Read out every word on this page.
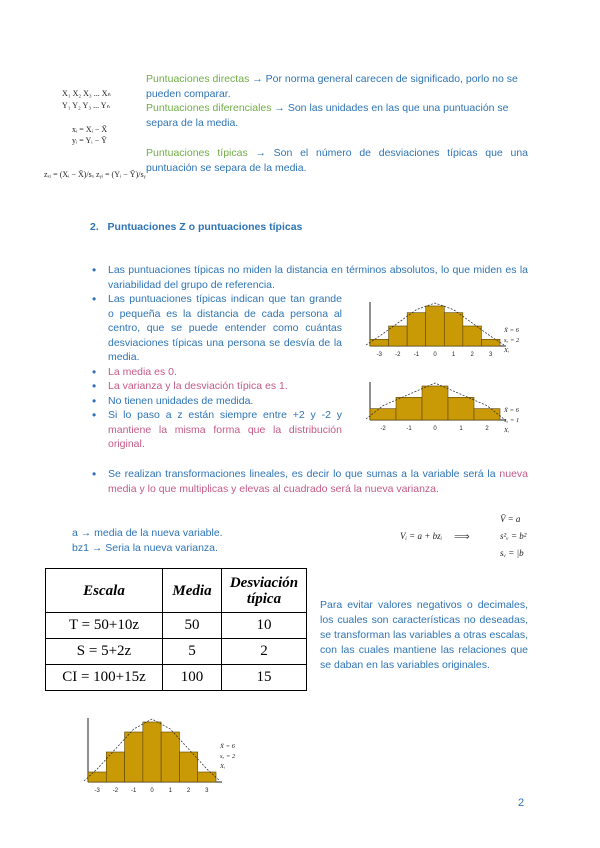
X₁ X₂ X₃ ... Xₙ
Y₁ Y₂ Y₃ ... Yₙ
xᵢ = Xᵢ − X̄
yᵢ = Yᵢ − Ȳ
zₓᵢ = (Xᵢ − X̄)/sₓ zᵧᵢ = (Yᵢ − Ȳ)/sᵧ
Puntuaciones directas → Por norma general carecen de significado, porlo no se pueden comparar.
Puntuaciones diferenciales → Son las unidades en las que una puntuación se separa de la media.
Puntuaciones típicas → Son el número de desviaciones típicas que una puntuación se separa de la media.
2. Puntuaciones Z o puntuaciones típicas
• Las puntuaciones típicas no miden la distancia en términos absolutos, lo que miden es la variabilidad del grupo de referencia.
• Las puntuaciones típicas indican que tan grande o pequeña es la distancia de cada persona al centro, que se puede entender como cuántas desviaciones típicas una persona se desvía de la media.
• La media es 0.
• La varianza y la desviación típica es 1.
• No tienen unidades de medida.
• Si lo paso a z están siempre entre +2 y -2 y mantiene la misma forma que la distribución original.
• Se realizan transformaciones lineales, es decir lo que sumas a la variable será la nueva media y lo que multiplicas y elevas al cuadrado será la nueva varianza.
-3 -2 -1 0	1	2	3
X̄ = 6
sₓ = 2
Xᵢ
-2	-1	0	1	2
X̄ = 6
sₓ = 1
Xᵢ
-3 -2 -1 0 1 2 3
X̄ = 6
sₓ = 2
Xᵢ
a → media de la nueva variable.
bz1 → Seria la nueva varianza.
Vᵢ = a + bzᵢ ⟹
V̄ = a
s²ᵥ = b²
sᵥ = |b
Escala	Media	Desviación típica
T = 50+10z	50	10
S = 5+2z	5	2
CI = 100+15z	100	15
Para evitar valores negativos o decimales, los cuales son características no deseadas, se transforman las variables a otras escalas, con las cuales mantiene las relaciones que se daban en las variables originales.
2
